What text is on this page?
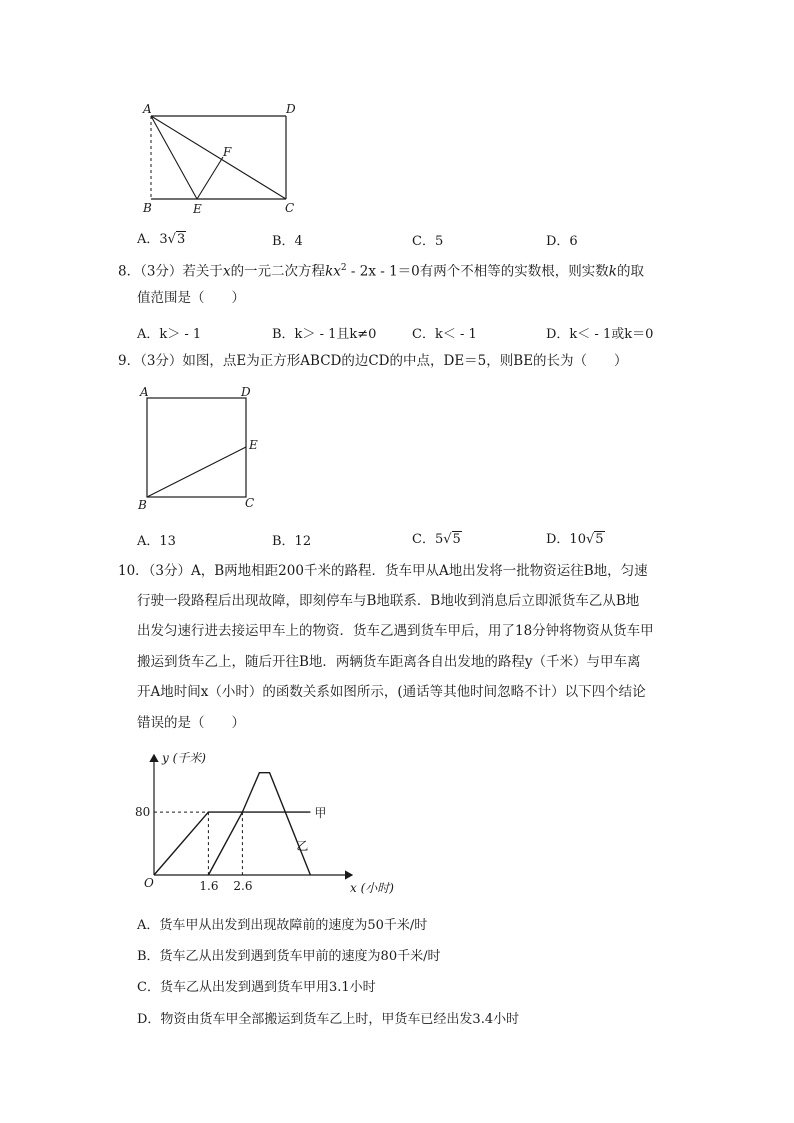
A	D
F
B	E	C
A．3√3	B．4	C．5	D．6
8．（3分）若关于x的一元二次方程$kx^2 - 2x - 1=0$有两个不相等的实数根，则实数k的取
值范围是（　　）
A．k＞ - 1	B．k＞ - 1且k≠0	C．k＜ - 1	D．k＜ - 1或k＝0
9．（3分）如图，点E为正方形ABCD的边CD的中点，DE＝5，则BE的长为（　　）
A	D
E
B	C
A．13	B．12	C．5√5	D．10√5
10．（3分）A，B两地相距200千米的路程．货车甲从A地出发将一批物资运往B地，匀速
行驶一段路程后出现故障，即刻停车与B地联系．B地收到消息后立即派货车乙从B地
出发匀速行进去接运甲车上的物资．货车乙遇到货车甲后，用了18分钟将物资从货车甲
搬运到货车乙上，随后开往B地．两辆货车距离各自出发地的路程y（千米）与甲车离
开A地时间x（小时）的函数关系如图所示，(通话等其他时间忽略不计）以下四个结论
错误的是（　　）
y (千米)
x (小时)
O
80
1.6 2.6
甲
乙
A．货车甲从出发到出现故障前的速度为50千米/时
B．货车乙从出发到遇到货车甲前的速度为80千米/时
C．货车乙从出发到遇到货车甲用3.1小时
D．物资由货车甲全部搬运到货车乙上时，甲货车已经出发3.4小时
